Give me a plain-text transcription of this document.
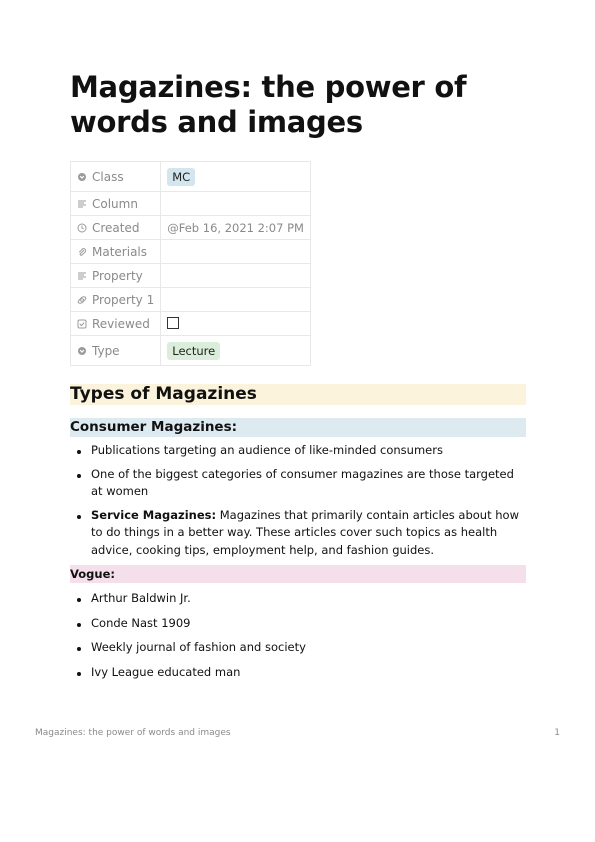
Magazines: the power of words and images
Class	MC
Column	
Created	@Feb 16, 2021 2:07 PM
Materials	
Property	
Property 1	
Reviewed	
Type	Lecture
Types of Magazines
Consumer Magazines:
Publications targeting an audience of like-minded consumers
One of the biggest categories of consumer magazines are those targeted at women
Service Magazines: Magazines that primarily contain articles about how to do things in a better way. These articles cover such topics as health advice, cooking tips, employment help, and fashion guides.
Vogue:
Arthur Baldwin Jr.
Conde Nast 1909
Weekly journal of fashion and society
Ivy League educated man
Magazines: the power of words and images	1
